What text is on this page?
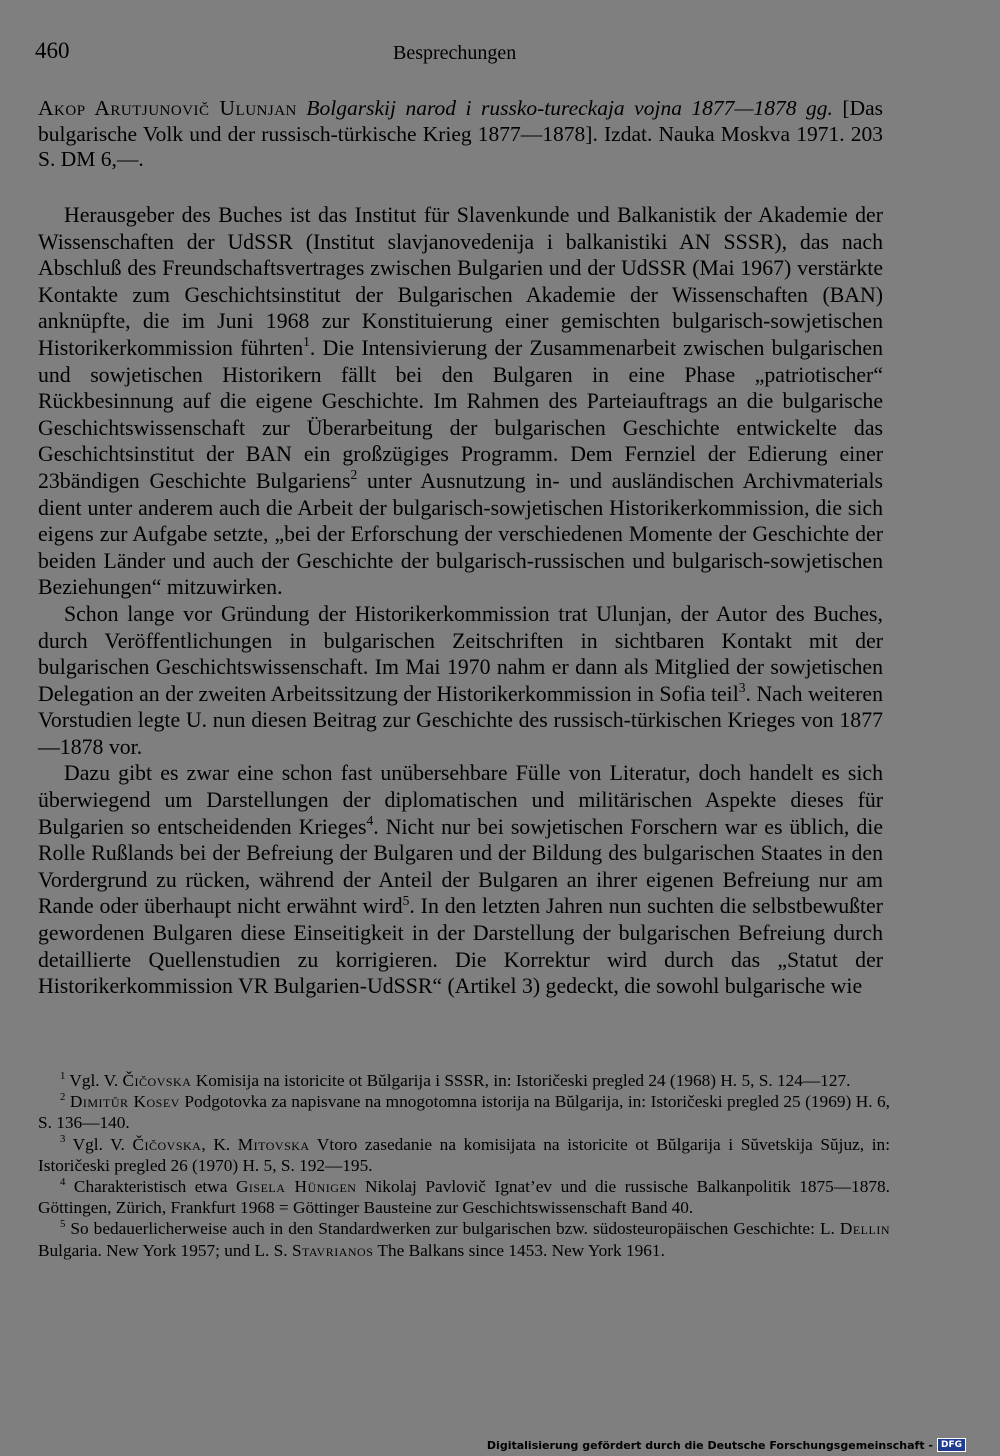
460	Besprechungen
Akop Arutjunovič Ulunjan Bolgarskij narod i russko-tureckaja vojna 1877—1878 gg. [Das bulgarische Volk und der russisch-türkische Krieg 1877—1878]. Izdat. Nauka Moskva 1971. 203 S. DM 6,—.

Herausgeber des Buches ist das Institut für Slavenkunde und Balkanistik der Akademie der Wissenschaften der UdSSR (Institut slavjanovedenija i balkanistiki AN SSSR), das nach Abschluß des Freundschaftsvertrages zwischen Bulgarien und der UdSSR (Mai 1967) verstärkte Kontakte zum Geschichtsinstitut der Bulgarischen Akademie der Wissenschaften (BAN) anknüpfte, die im Juni 1968 zur Konstituierung einer gemischten bulgarisch-sowjetischen Historikerkommission führten$^1$. Die Intensivierung der Zusammenarbeit zwischen bulgarischen und sowjetischen Historikern fällt bei den Bulgaren in eine Phase „patriotischer“ Rückbesinnung auf die eigene Geschichte. Im Rahmen des Parteiauftrags an die bulgarische Geschichtswissenschaft zur Überarbeitung der bulgarischen Geschichte entwickelte das Geschichtsinstitut der BAN ein großzügiges Programm. Dem Fernziel der Edierung einer 23bändigen Geschichte Bulgariens$^2$ unter Ausnutzung in- und ausländischen Archivmaterials dient unter anderem auch die Arbeit der bulgarisch-sowjetischen Historikerkommission, die sich eigens zur Aufgabe setzte, „bei der Erforschung der verschiedenen Momente der Geschichte der beiden Länder und auch der Geschichte der bulgarisch-russischen und bulgarisch-sowjetischen Beziehungen“ mitzuwirken.

Schon lange vor Gründung der Historikerkommission trat Ulunjan, der Autor des Buches, durch Veröffentlichungen in bulgarischen Zeitschriften in sichtbaren Kontakt mit der bulgarischen Geschichtswissenschaft. Im Mai 1970 nahm er dann als Mitglied der sowjetischen Delegation an der zweiten Arbeitssitzung der Historikerkommission in Sofia teil$^3$. Nach weiteren Vorstudien legte U. nun diesen Beitrag zur Geschichte des russisch-türkischen Krieges von 1877—1878 vor.

Dazu gibt es zwar eine schon fast unübersehbare Fülle von Literatur, doch handelt es sich überwiegend um Darstellungen der diplomatischen und militärischen Aspekte dieses für Bulgarien so entscheidenden Krieges$^4$. Nicht nur bei sowjetischen Forschern war es üblich, die Rolle Rußlands bei der Befreiung der Bulgaren und der Bildung des bulgarischen Staates in den Vordergrund zu rücken, während der Anteil der Bulgaren an ihrer eigenen Befreiung nur am Rande oder überhaupt nicht erwähnt wird$^5$. In den letzten Jahren nun suchten die selbstbewußter gewordenen Bulgaren diese Einseitigkeit in der Darstellung der bulgarischen Befreiung durch detaillierte Quellenstudien zu korrigieren. Die Korrektur wird durch das „Statut der Historikerkommission VR Bulgarien-UdSSR“ (Artikel 3) gedeckt, die sowohl bulgarische wie

$^1$ Vgl. V. Čičovska Komisija na istoricite ot Bŭlgarija i SSSR, in: Istoričeski pregled 24 (1968) H. 5, S. 124—127.

$^2$ Dimitŭr Kosev Podgotovka za napisvane na mnogotomna istorija na Bŭlgarija, in: Istoričeski pregled 25 (1969) H. 6, S. 136—140.

$^3$ Vgl. V. Čičovska, K. Mitovska Vtoro zasedanie na komisijata na istoricite ot Bŭlgarija i Sŭvetskija Sŭjuz, in: Istoričeski pregled 26 (1970) H. 5, S. 192—195.

$^4$ Charakteristisch etwa Gisela Hünigen Nikolaj Pavlovič Ignat’ev und die russische Balkanpolitik 1875—1878. Göttingen, Zürich, Frankfurt 1968 = Göttinger Bausteine zur Geschichtswissenschaft Band 40.

$^5$ So bedauerlicherweise auch in den Standardwerken zur bulgarischen bzw. südosteuropäischen Geschichte: L. Dellin Bulgaria. New York 1957; und L. S. Stavrianos The Balkans since 1453. New York 1961.

Digitalisierung gefördert durch die Deutsche Forschungsgemeinschaft - DFG
